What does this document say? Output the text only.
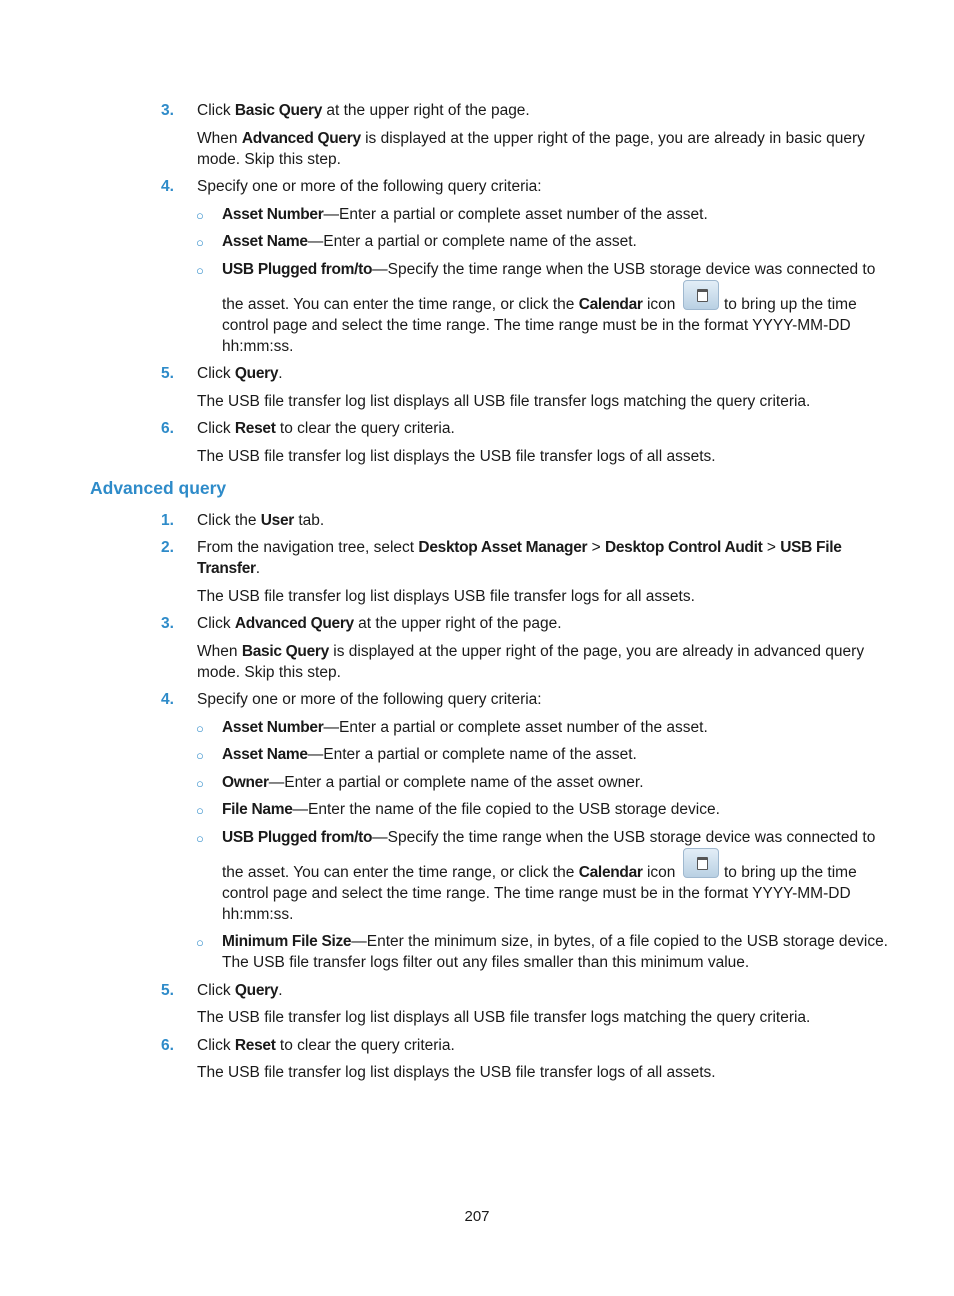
3. Click Basic Query at the upper right of the page.
When Advanced Query is displayed at the upper right of the page, you are already in basic query
mode. Skip this step.
4. Specify one or more of the following query criteria:
○ Asset Number—Enter a partial or complete asset number of the asset.
○ Asset Name—Enter a partial or complete name of the asset.
○ USB Plugged from/to—Specify the time range when the USB storage device was connected to
the asset. You can enter the time range, or click the Calendar icon	to bring up the time
control page and select the time range. The time range must be in the format YYYY-MM-DD
hh:mm:ss.
5. Click Query.
The USB file transfer log list displays all USB file transfer logs matching the query criteria.
6. Click Reset to clear the query criteria.
The USB file transfer log list displays the USB file transfer logs of all assets.
Advanced query
1. Click the User tab.
2. From the navigation tree, select Desktop Asset Manager > Desktop Control Audit > USB File
Transfer.
The USB file transfer log list displays USB file transfer logs for all assets.
3. Click Advanced Query at the upper right of the page.
When Basic Query is displayed at the upper right of the page, you are already in advanced query
mode. Skip this step.
4. Specify one or more of the following query criteria:
○ Asset Number—Enter a partial or complete asset number of the asset.
○ Asset Name—Enter a partial or complete name of the asset.
○ Owner—Enter a partial or complete name of the asset owner.
○ File Name—Enter the name of the file copied to the USB storage device.
○ USB Plugged from/to—Specify the time range when the USB storage device was connected to
the asset. You can enter the time range, or click the Calendar icon	to bring up the time
control page and select the time range. The time range must be in the format YYYY-MM-DD
hh:mm:ss.
○ Minimum File Size—Enter the minimum size, in bytes, of a file copied to the USB storage device.
The USB file transfer logs filter out any files smaller than this minimum value.
5. Click Query.
The USB file transfer log list displays all USB file transfer logs matching the query criteria.
6. Click Reset to clear the query criteria.
The USB file transfer log list displays the USB file transfer logs of all assets.
207
